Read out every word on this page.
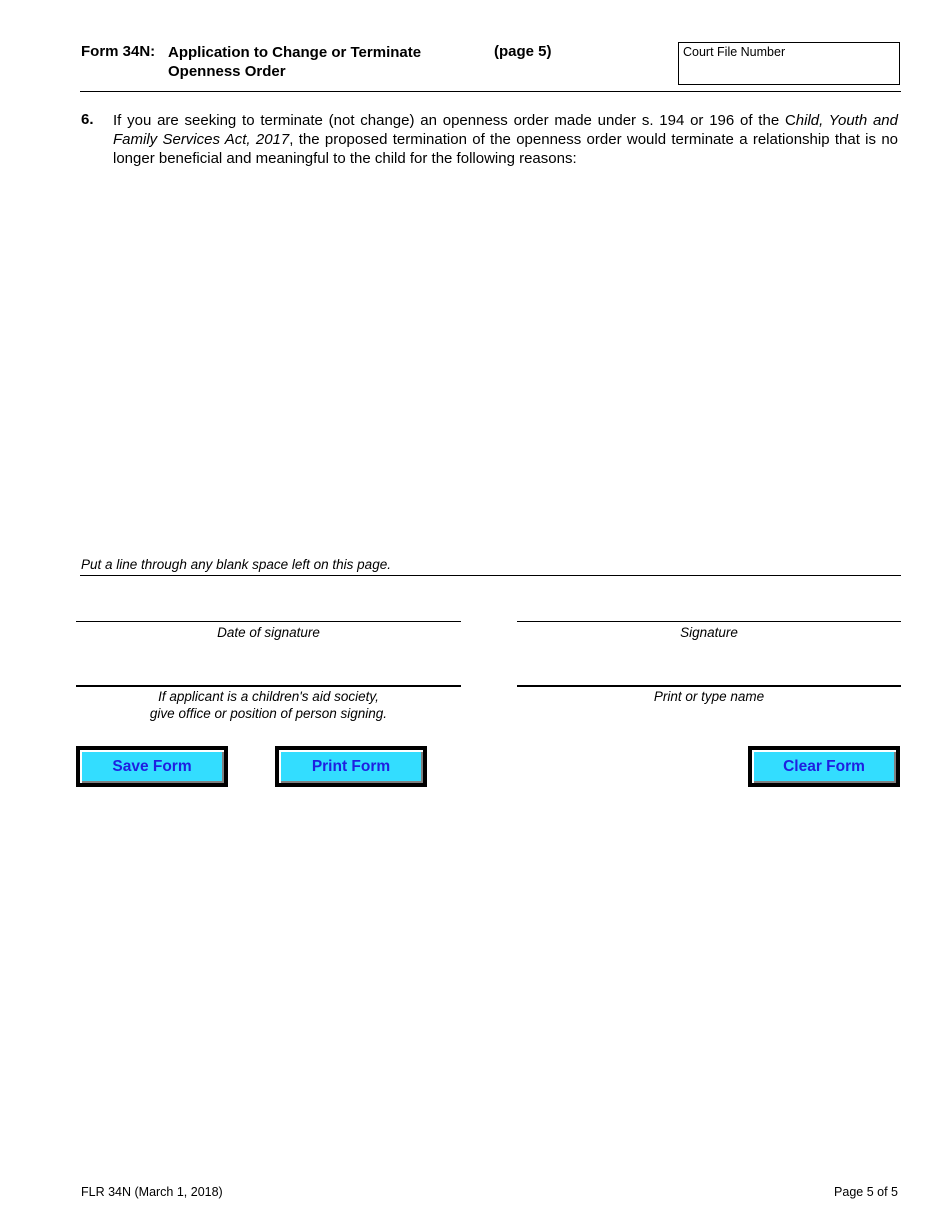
Form 34N: Application to Change or Terminate
Openness Order
(page 5)	Court File Number
6. If you are seeking to terminate (not change) an openness order made under s. 194 or 196 of the Child, Youth and Family Services Act, 2017, the proposed termination of the openness order would terminate a relationship that is no longer beneficial and meaningful to the child for the following reasons:
Put a line through any blank space left on this page.
Date of signature	Signature
If applicant is a children's aid society,
give office or position of person signing.
Print or type name
Save Form	Print Form	Clear Form
FLR 34N (March 1, 2018)	Page 5 of 5
